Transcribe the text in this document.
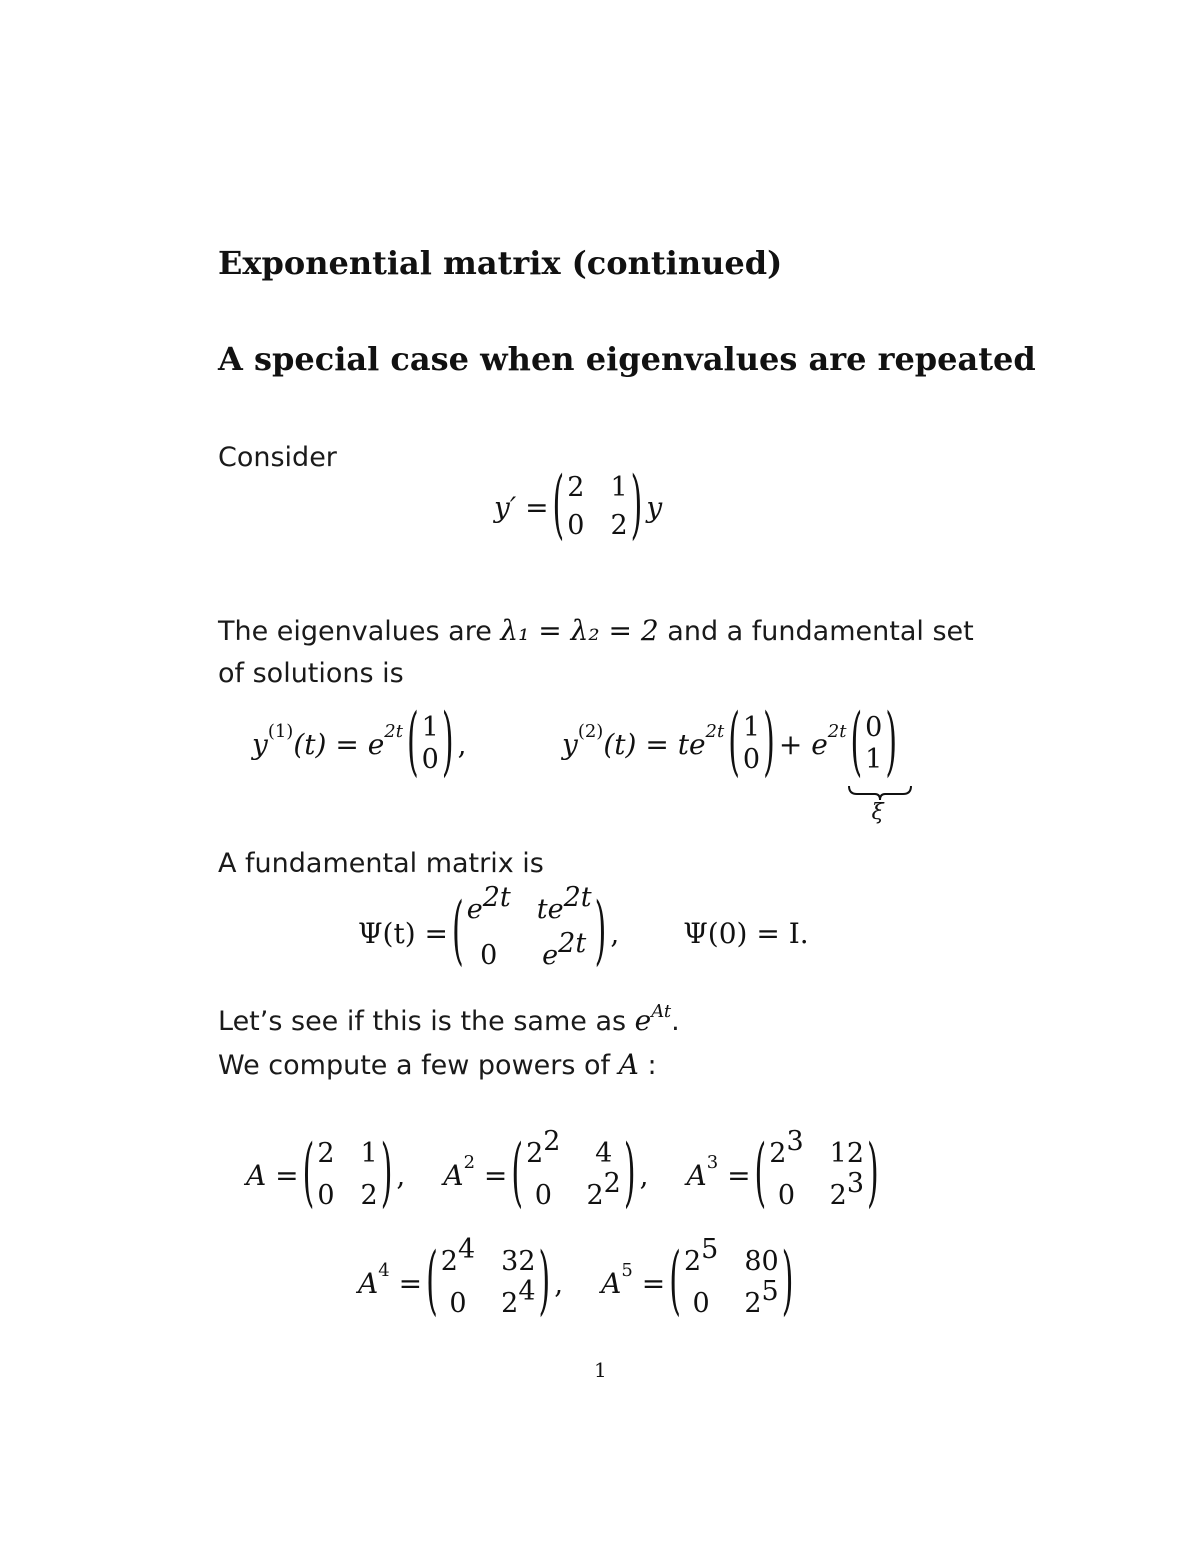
Exponential matrix (continued)
A special case when eigenvalues are repeated
Consider
y′ = ( 2 1
0 2 ) y
The eigenvalues are λ₁ = λ₂ = 2 and a fundamental set
of solutions is
y (1) (t) = e 2t ( 1
0 ) ,	y (2) (t) = te 2t ( 1
0 ) + e 2t ( 0
1 )
ξ
A fundamental matrix is
Ψ(t) = ( e2t te2t
0	e2t ) , Ψ(0) = I.
Let’s see if this is the same as $e^{At}$.
We compute a few powers of A :
A = ( 2 1
0 2 ) , A 2 = ( 22	4
0	22 ) , A 3 = ( 23 12
0	23 )
A 4 = ( 24 32
0	24 ) , A 5 = ( 25 80
0	25 )
1
